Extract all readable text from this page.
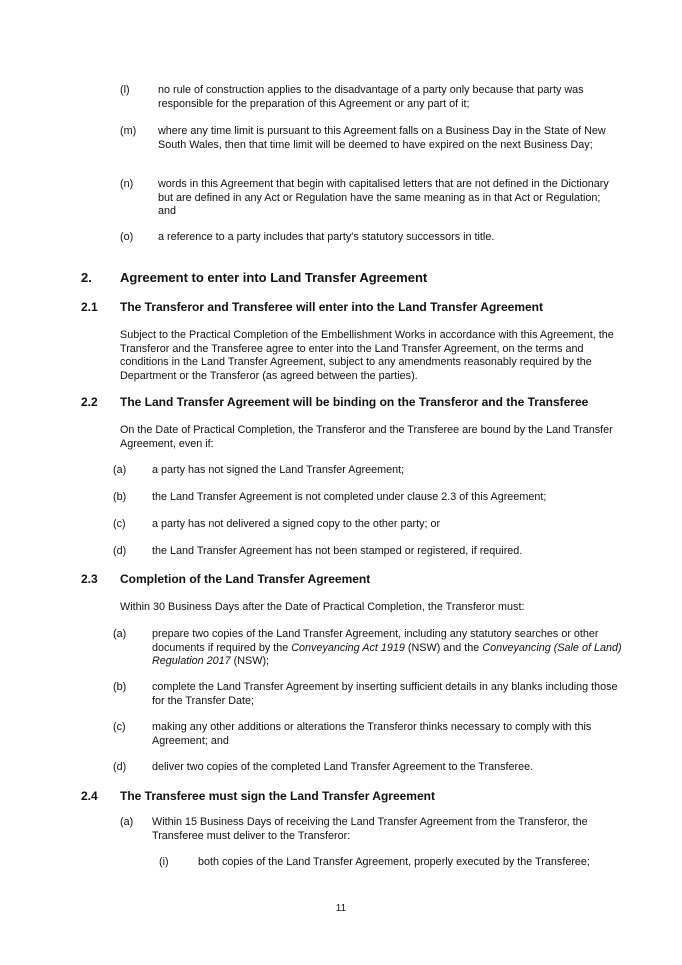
(l)	no rule of construction applies to the disadvantage of a party only because that party was responsible for the preparation of this Agreement or any part of it;
(m) where any time limit is pursuant to this Agreement falls on a Business Day in the State of New South Wales, then that time limit will be deemed to have expired on the next Business Day;
(n) words in this Agreement that begin with capitalised letters that are not defined in the Dictionary but are defined in any Act or Regulation have the same meaning as in that Act or Regulation; and
(o) a reference to a party includes that party's statutory successors in title.
2. Agreement to enter into Land Transfer Agreement
2.1 The Transferor and Transferee will enter into the Land Transfer Agreement
Subject to the Practical Completion of the Embellishment Works in accordance with this Agreement, the Transferor and the Transferee agree to enter into the Land Transfer Agreement, on the terms and conditions in the Land Transfer Agreement, subject to any amendments reasonably required by the Department or the Transferor (as agreed between the parties).
2.2 The Land Transfer Agreement will be binding on the Transferor and the Transferee
On the Date of Practical Completion, the Transferor and the Transferee are bound by the Land Transfer Agreement, even if:
(a) a party has not signed the Land Transfer Agreement;
(b) the Land Transfer Agreement is not completed under clause 2.3 of this Agreement;
(c) a party has not delivered a signed copy to the other party; or
(d) the Land Transfer Agreement has not been stamped or registered, if required.
2.3 Completion of the Land Transfer Agreement
Within 30 Business Days after the Date of Practical Completion, the Transferor must:
(a) prepare two copies of the Land Transfer Agreement, including any statutory searches or other documents if required by the Conveyancing Act 1919 (NSW) and the Conveyancing (Sale of Land) Regulation 2017 (NSW);
(b) complete the Land Transfer Agreement by inserting sufficient details in any blanks including those for the Transfer Date;
(c) making any other additions or alterations the Transferor thinks necessary to comply with this Agreement; and
(d) deliver two copies of the completed Land Transfer Agreement to the Transferee.
2.4 The Transferee must sign the Land Transfer Agreement
(a) Within 15 Business Days of receiving the Land Transfer Agreement from the Transferor, the Transferee must deliver to the Transferor:
(i)	both copies of the Land Transfer Agreement, properly executed by the Transferee;
11
